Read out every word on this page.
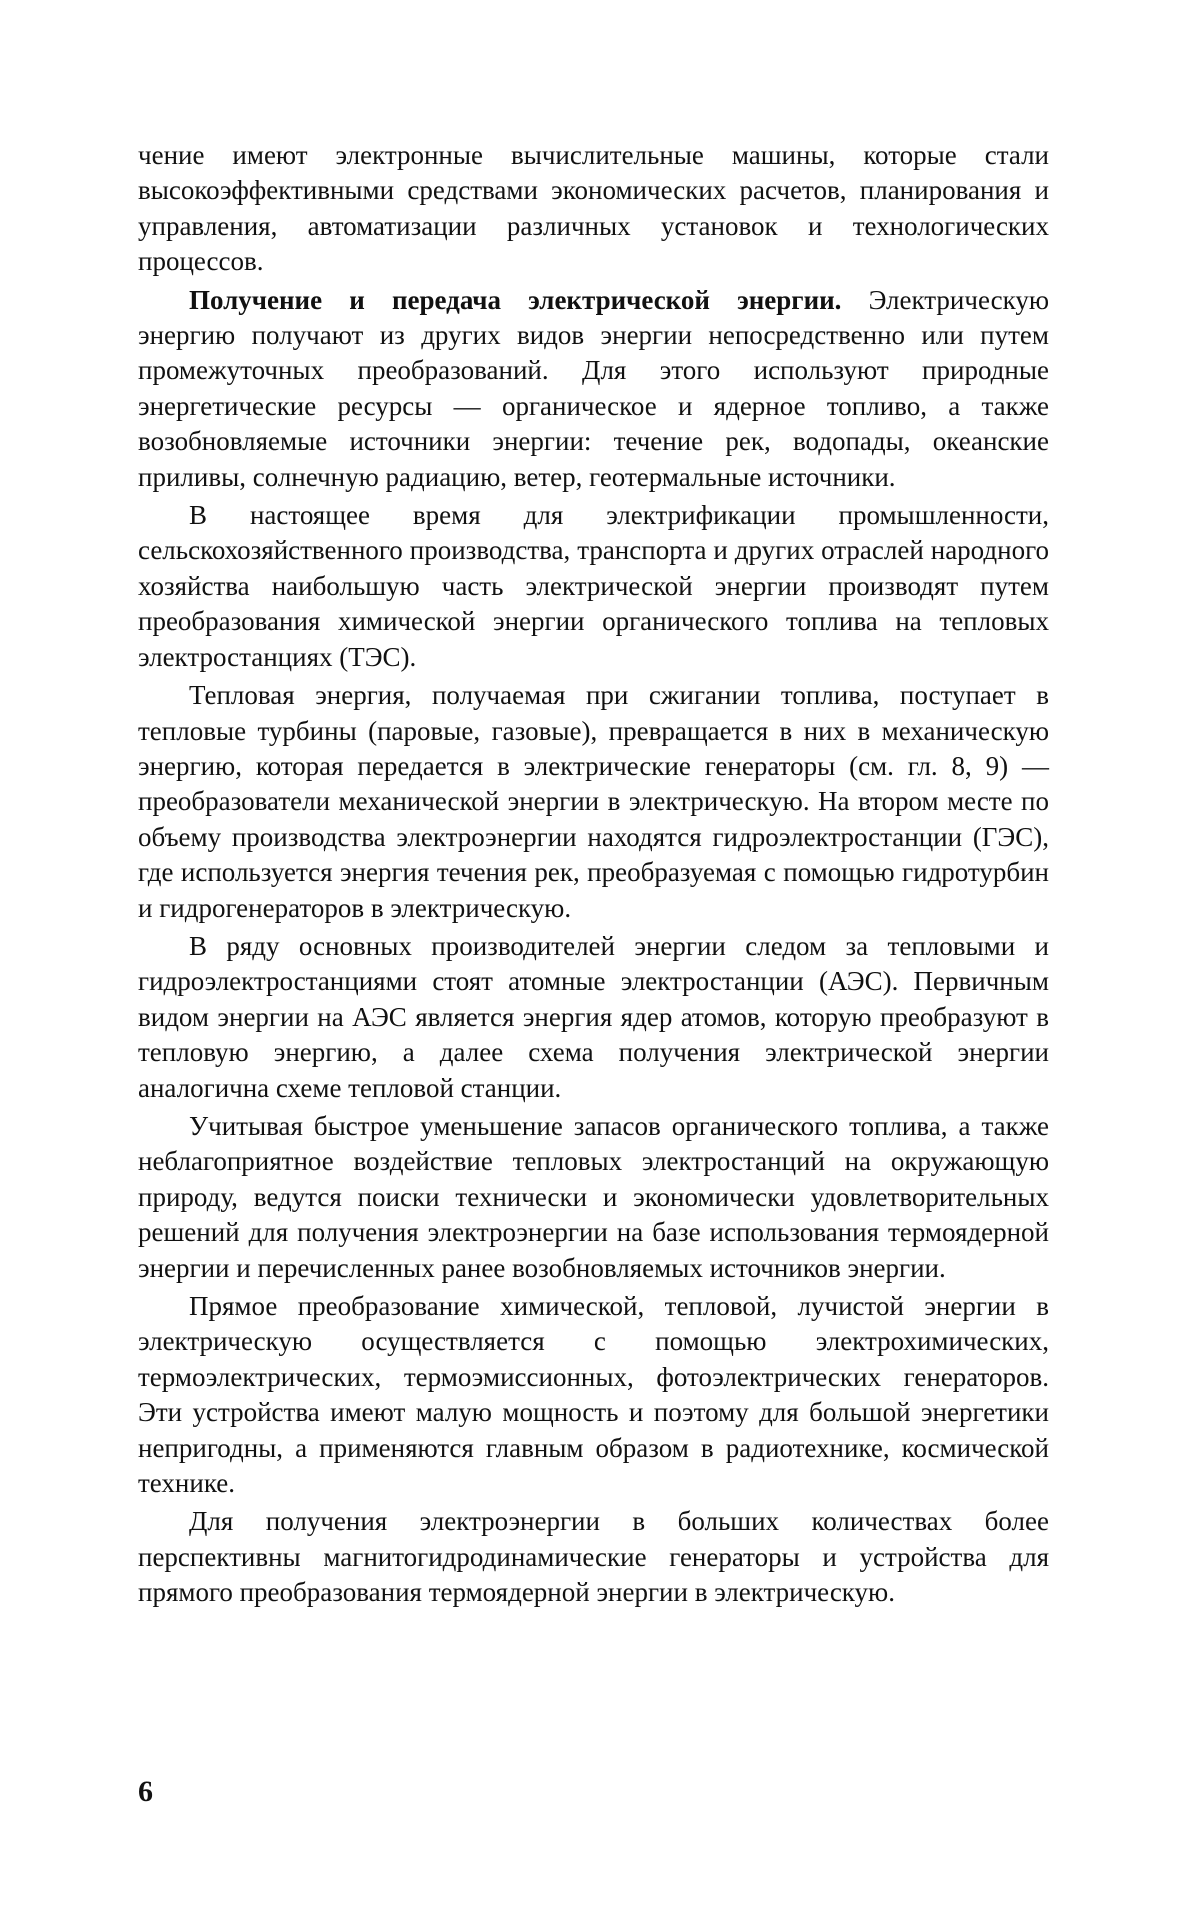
чение имеют электронные вычислительные машины, которые стали высокоэффективными средствами экономических расчетов, планирования и управления, автоматизации различных установок и технологических процессов.

Получение и передача электрической энергии. Электрическую энергию получают из других видов энергии непосредственно или путем промежуточных преобразований. Для этого используют природные энергетические ресурсы — органическое и ядерное топливо, а также возобновляемые источники энергии: течение рек, водопады, океанские приливы, солнечную радиацию, ветер, геотермальные источники.

В настоящее время для электрификации промышленности, сельскохозяйственного производства, транспорта и других отраслей народного хозяйства наибольшую часть электрической энергии производят путем преобразования химической энергии органического топлива на тепловых электростанциях (ТЭС).

Тепловая энергия, получаемая при сжигании топлива, поступает в тепловые турбины (паровые, газовые), превращается в них в механическую энергию, которая передается в электрические генераторы (см. гл. 8, 9) — преобразователи механической энергии в электрическую. На втором месте по объему производства электроэнергии находятся гидроэлектростанции (ГЭС), где используется энергия течения рек, преобразуемая с помощью гидротурбин и гидрогенераторов в электрическую.

В ряду основных производителей энергии следом за тепловыми и гидроэлектростанциями стоят атомные электростанции (АЭС). Первичным видом энергии на АЭС является энергия ядер атомов, которую преобразуют в тепловую энергию, а далее схема получения электрической энергии аналогична схеме тепловой станции.

Учитывая быстрое уменьшение запасов органического топлива, а также неблагоприятное воздействие тепловых электростанций на окружающую природу, ведутся поиски технически и экономически удовлетворительных решений для получения электроэнергии на базе использования термоядерной энергии и перечисленных ранее возобновляемых источников энергии.

Прямое преобразование химической, тепловой, лучистой энергии в электрическую осуществляется с помощью электрохимических, термоэлектрических, термоэмиссионных, фотоэлектрических генераторов. Эти устройства имеют малую мощность и поэтому для большой энергетики непригодны, а применяются главным образом в радиотехнике, космической технике.

Для получения электроэнергии в больших количествах более перспективны магнитогидродинамические генераторы и устройства для прямого преобразования термоядерной энергии в электрическую.

6
